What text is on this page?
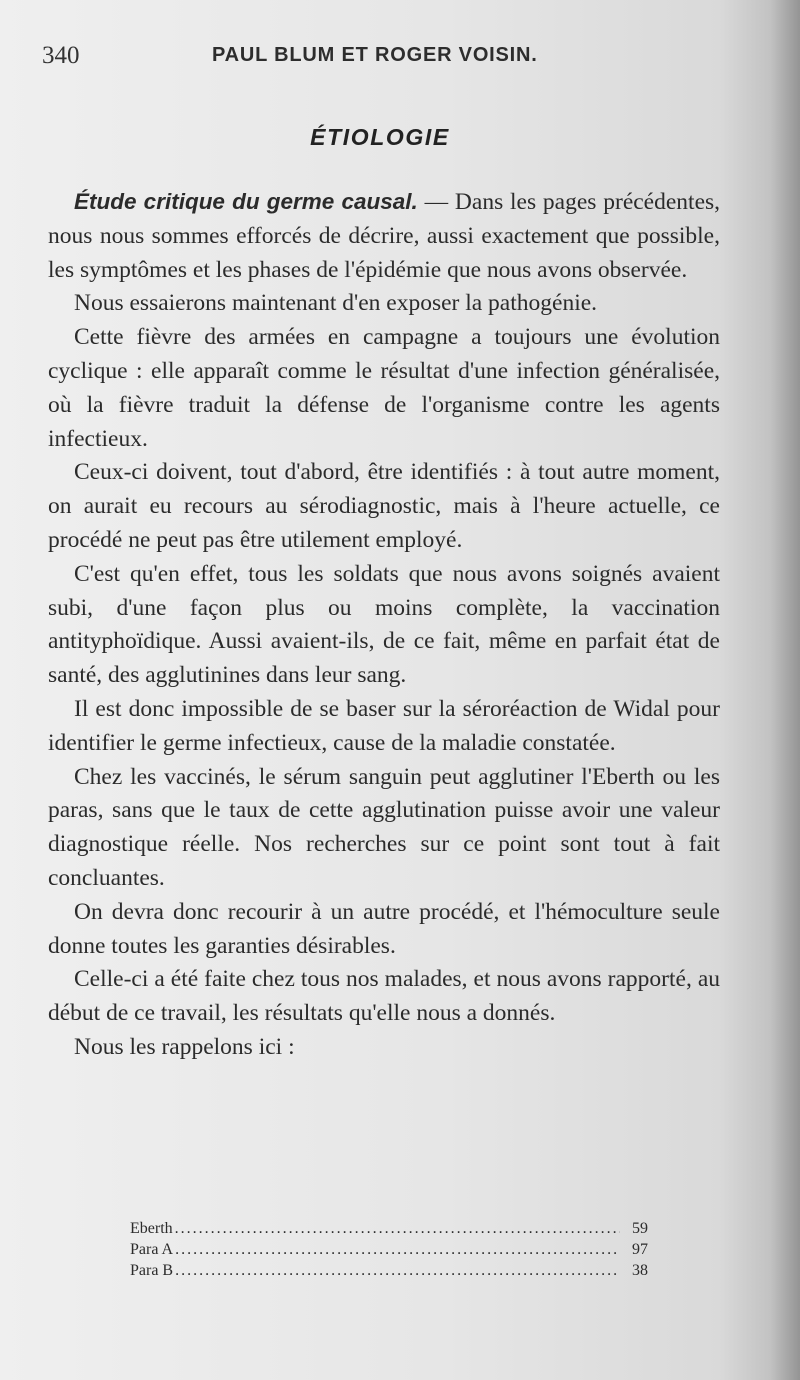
340	PAUL BLUM ET ROGER VOISIN.
ÉTIOLOGIE

Étude critique du germe causal. — Dans les pages précédentes, nous nous sommes efforcés de décrire, aussi exactement que possible, les symptômes et les phases de l'épidémie que nous avons observée.

Nous essaierons maintenant d'en exposer la pathogénie.

Cette fièvre des armées en campagne a toujours une évolution cyclique : elle apparaît comme le résultat d'une infection généralisée, où la fièvre traduit la défense de l'organisme contre les agents infectieux.

Ceux-ci doivent, tout d'abord, être identifiés : à tout autre moment, on aurait eu recours au sérodiagnostic, mais à l'heure actuelle, ce procédé ne peut pas être utilement employé.

C'est qu'en effet, tous les soldats que nous avons soignés avaient subi, d'une façon plus ou moins complète, la vaccination antityphoïdique. Aussi avaient-ils, de ce fait, même en parfait état de santé, des agglutinines dans leur sang.

Il est donc impossible de se baser sur la séroréaction de Widal pour identifier le germe infectieux, cause de la maladie constatée.

Chez les vaccinés, le sérum sanguin peut agglutiner l'Eberth ou les paras, sans que le taux de cette agglutination puisse avoir une valeur diagnostique réelle. Nos recherches sur ce point sont tout à fait concluantes.

On devra donc recourir à un autre procédé, et l'hémoculture seule donne toutes les garanties désirables.

Celle-ci a été faite chez tous nos malades, et nous avons rapporté, au début de ce travail, les résultats qu'elle nous a donnés.

Nous les rappelons ici :

Eberth .....	59
Para A .....	97
Para B .....	38
